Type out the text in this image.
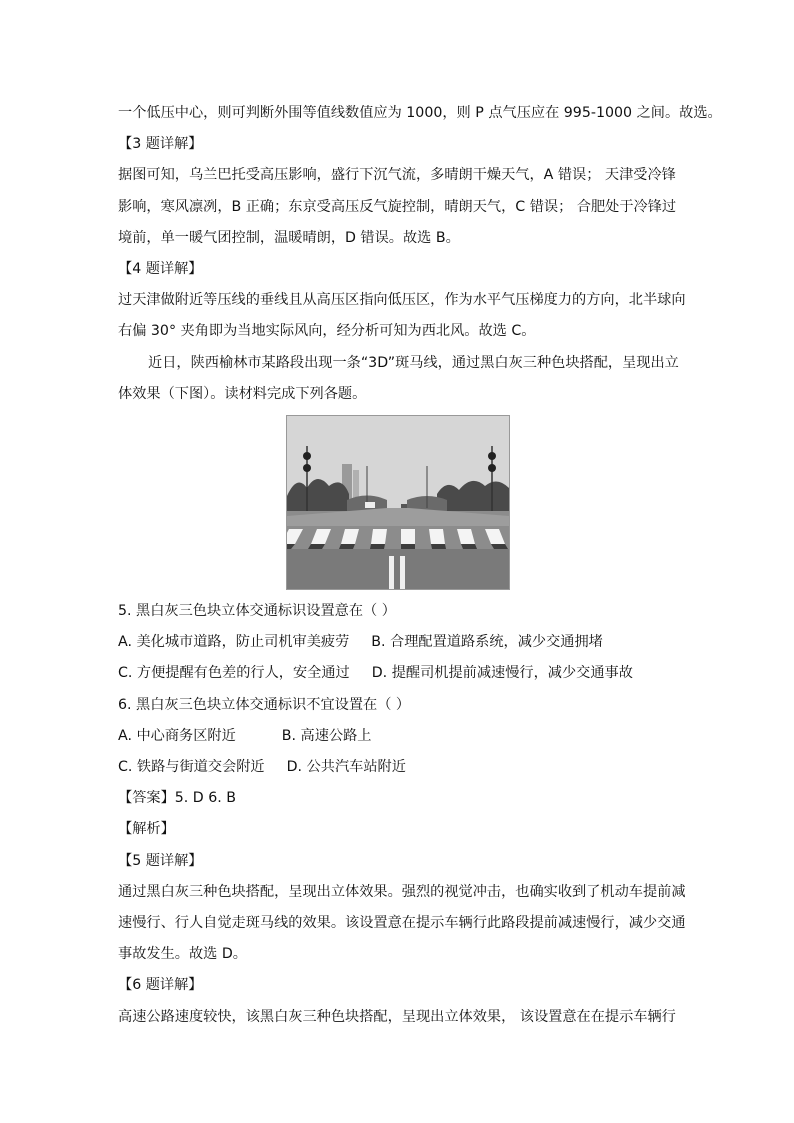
一个低压中心，则可判断外围等值线数值应为 1000，则 P 点气压应在 995-1000 之间。故选。
【3 题详解】
据图可知，乌兰巴托受高压影响，盛行下沉气流，多晴朗干燥天气，A 错误； 天津受冷锋
影响，寒风凛冽，B 正确；东京受高压反气旋控制，晴朗天气，C 错误； 合肥处于冷锋过
境前，单一暖气团控制，温暖晴朗，D 错误。故选 B。
【4 题详解】
过天津做附近等压线的垂线且从高压区指向低压区，作为水平气压梯度力的方向，北半球向
右偏 30° 夹角即为当地实际风向，经分析可知为西北风。故选 C。
近日，陕西榆林市某路段出现一条“3D”斑马线，通过黑白灰三种色块搭配，呈现出立
体效果（下图）。读材料完成下列各题。
5. 黑白灰三色块立体交通标识设置意在（ ）
A. 美化城市道路，防止司机审美疲劳 B. 合理配置道路系统，减少交通拥堵
C. 方便提醒有色差的行人，安全通过 D. 提醒司机提前减速慢行，减少交通事故
6. 黑白灰三色块立体交通标识不宜设置在（ ）
A. 中心商务区附近	B. 高速公路上
C. 铁路与街道交会附近 D. 公共汽车站附近
【答案】5. D 6. B
【解析】
【5 题详解】
通过黑白灰三种色块搭配，呈现出立体效果。强烈的视觉冲击，也确实收到了机动车提前减
速慢行、行人自觉走斑马线的效果。该设置意在提示车辆行此路段提前减速慢行，减少交通
事故发生。故选 D。
【6 题详解】
高速公路速度较快，该黑白灰三种色块搭配，呈现出立体效果， 该设置意在在提示车辆行
